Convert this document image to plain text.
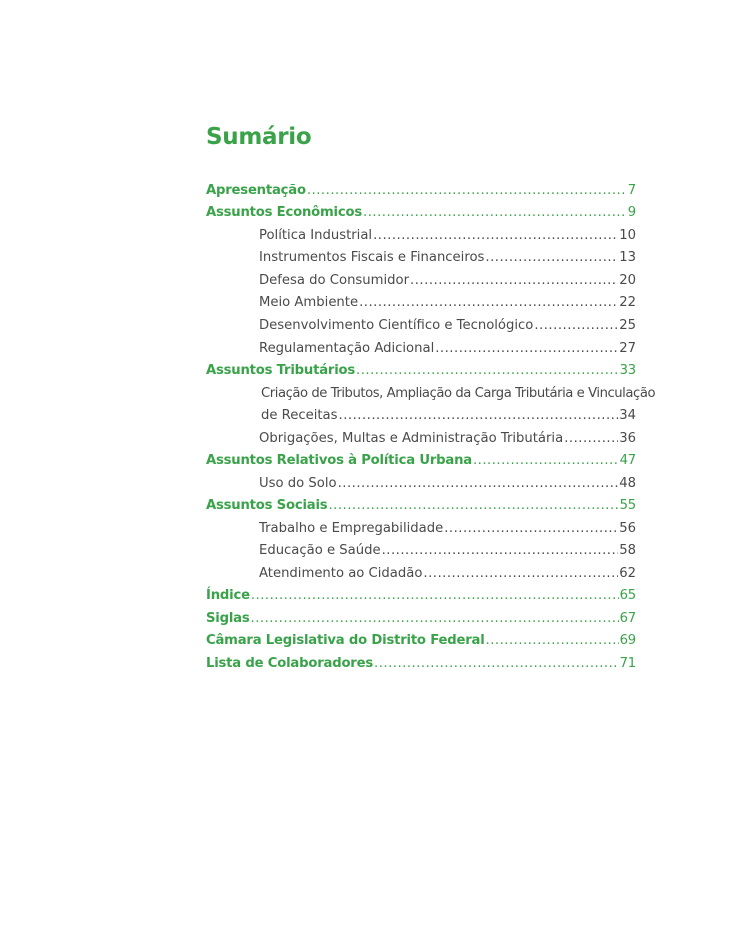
Sumário
Apresentação .....	7
Assuntos Econômicos .....	9
Política Industrial .....	10
Instrumentos Fiscais e Financeiros .....	13
Defesa do Consumidor .....	20
Meio Ambiente .....	22
Desenvolvimento Científico e Tecnológico .....	25
Regulamentação Adicional .....	27
Assuntos Tributários .....	33
Criação de Tributos, Ampliação da Carga Tributária e Vinculação
de Receitas .....	34
Obrigações, Multas e Administração Tributária .....	36
Assuntos Relativos à Política Urbana .....	47
Uso do Solo .....	48
Assuntos Sociais .....	55
Trabalho e Empregabilidade .....	56
Educação e Saúde .....	58
Atendimento ao Cidadão .....	62
Índice .....	65
Siglas .....	67
Câmara Legislativa do Distrito Federal .....	69
Lista de Colaboradores .....	71
